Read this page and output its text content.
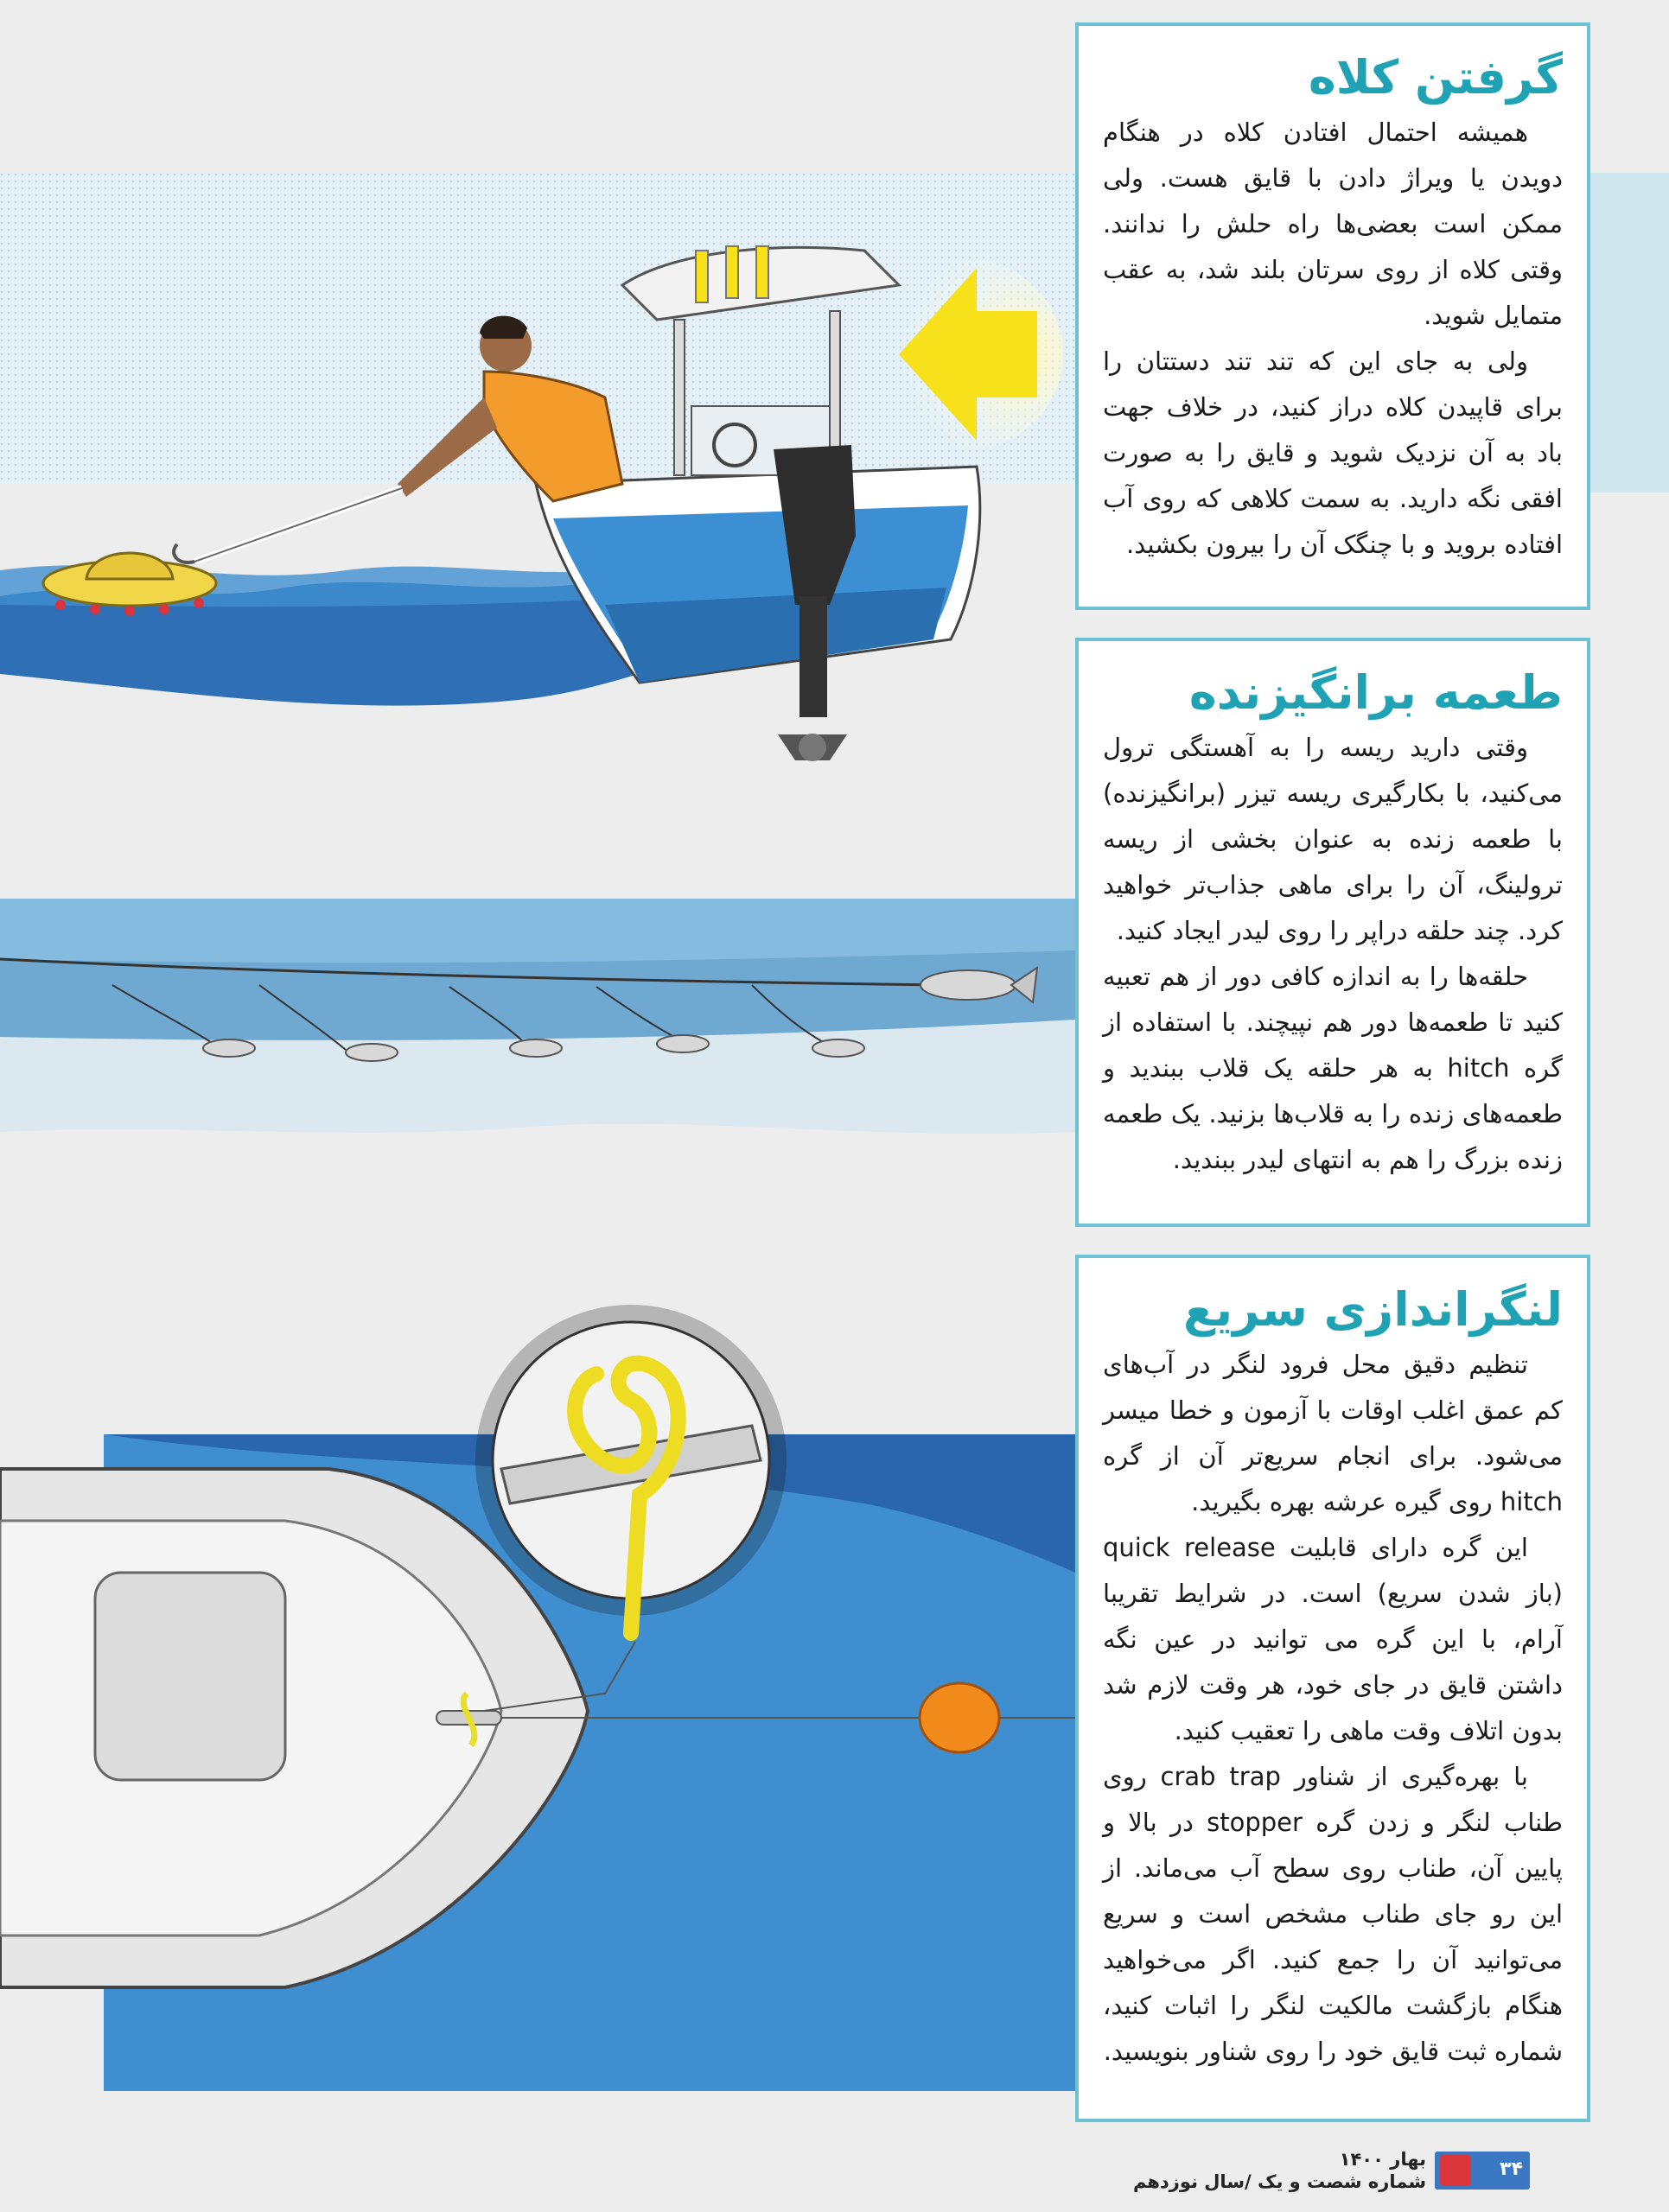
گرفتن کلاه

همیشه احتمال افتادن کلاه در هنگام دویدن یا ویراژ دادن با قایق هست. ولی ممکن است بعضی‌ها راه حلش را ندانند. وقتی کلاه از روی سرتان بلند شد، به عقب متمایل شوید.

ولی به جای این که تند تند دستتان را برای قاپیدن کلاه دراز کنید، در خلاف جهت باد به آن نزدیک شوید و قایق را به صورت افقی نگه دارید. به سمت کلاهی که روی آب افتاده بروید و با چنگک آن را بیرون بکشید.

طعمه برانگیزنده

وقتی دارید ریسه را به آهستگی ترول می‌کنید، با بکارگیری ریسه تیزر (برانگیزنده) با طعمه زنده به عنوان بخشی از ریسه ترولینگ، آن را برای ماهی جذاب‌تر خواهید کرد. چند حلقه دراپر را روی لیدر ایجاد کنید.

حلقه‌ها را به اندازه کافی دور از هم تعبیه کنید تا طعمه‌ها دور هم نپیچند. با استفاده از گره hitch به هر حلقه یک قلاب ببندید و طعمه‌های زنده را به قلاب‌ها بزنید. یک طعمه زنده بزرگ را هم به انتهای لیدر ببندید.

لنگراندازی سریع

تنظیم دقیق محل فرود لنگر در آب‌های کم عمق اغلب اوقات با آزمون و خطا میسر می‌شود. برای انجام سریع‌تر آن از گره hitch روی گیره عرشه بهره بگیرید.

این گره دارای قابلیت quick release (باز شدن سریع) است. در شرایط تقریبا آرام، با این گره می توانید در عین نگه داشتن قایق در جای خود، هر وقت لازم شد بدون اتلاف وقت ماهی را تعقیب کنید.

با بهره‌گیری از شناور crab trap روی طناب لنگر و زدن گره stopper در بالا و پایین آن، طناب روی سطح آب می‌ماند. از این رو جای طناب مشخص است و سریع می‌توانید آن را جمع کنید. اگر می‌خواهید هنگام بازگشت مالکیت لنگر را اثبات کنید، شماره ثبت قایق خود را روی شناور بنویسید.

۳۴
بهار ۱۴۰۰
شماره شصت و یک /سال نوزدهم
